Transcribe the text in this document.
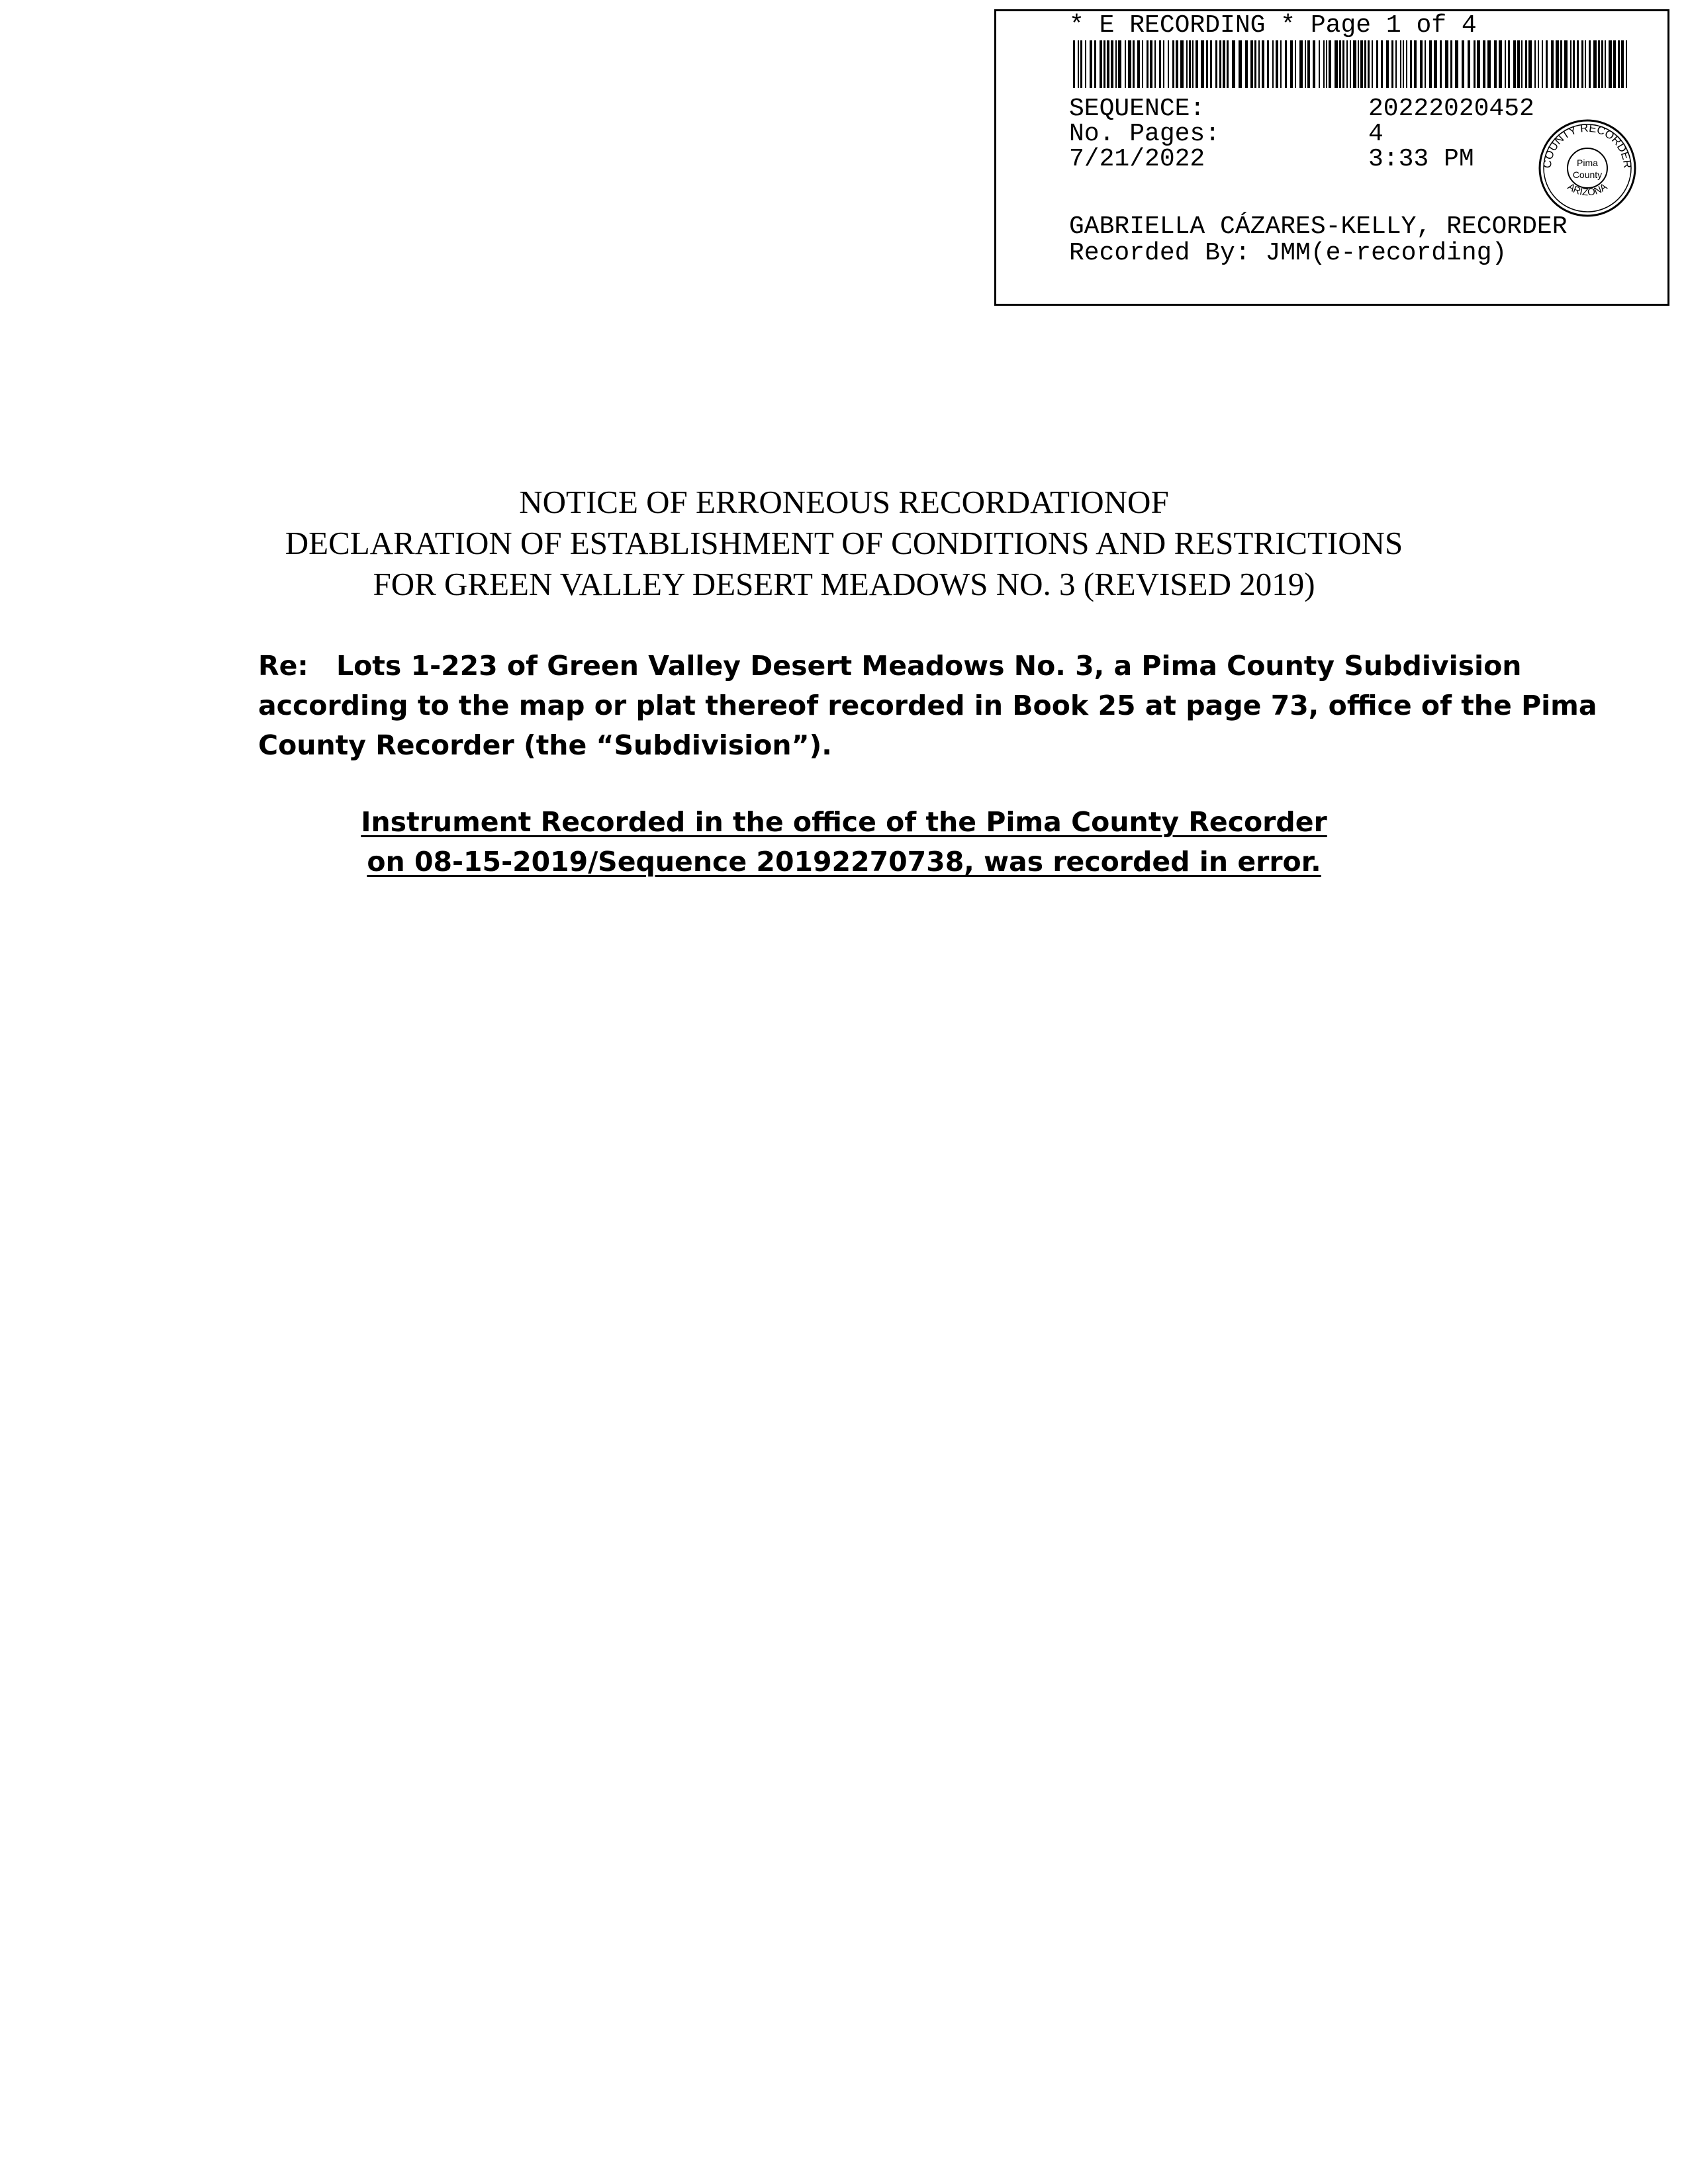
* E RECORDING * Page 1 of 4
SEQUENCE:	20222020452
No. Pages:	4
7/21/2022	3:33 PM	COUNTY RECORDER
ARIZONA
Pima
County
GABRIELLA CÁZARES-KELLY, RECORDER
Recorded By: JMM(e-recording)
NOTICE OF ERRONEOUS RECORDATIONOF
DECLARATION OF ESTABLISHMENT OF CONDITIONS AND RESTRICTIONS
FOR GREEN VALLEY DESERT MEADOWS NO. 3 (REVISED 2019)
Re: Lots 1-223 of Green Valley Desert Meadows No. 3, a Pima County Subdivision
according to the map or plat thereof recorded in Book 25 at page 73, office of the Pima
County Recorder (the “Subdivision”).
Instrument Recorded in the office of the Pima County Recorder
on 08-15-2019/Sequence 20192270738, was recorded in error.
